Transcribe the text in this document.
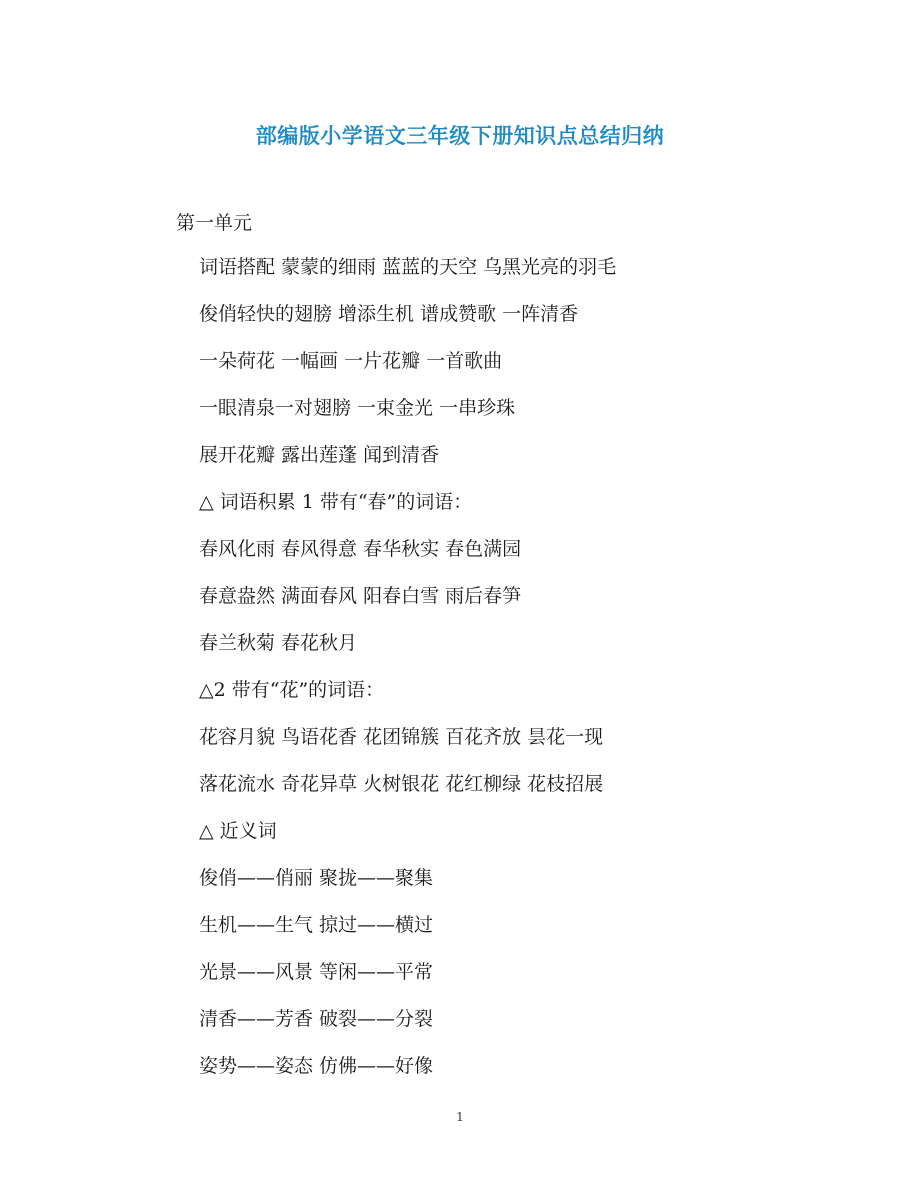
部编版小学语文三年级下册知识点总结归纳
第一单元
词语搭配 蒙蒙的细雨 蓝蓝的天空 乌黑光亮的羽毛
俊俏轻快的翅膀 增添生机 谱成赞歌 一阵清香
一朵荷花 一幅画 一片花瓣 一首歌曲
一眼清泉一对翅膀 一束金光 一串珍珠
展开花瓣 露出莲蓬 闻到清香
△ 词语积累 1 带有“春”的词语：
春风化雨 春风得意 春华秋实 春色满园
春意盎然 满面春风 阳春白雪 雨后春笋
春兰秋菊 春花秋月
△2 带有“花”的词语：
花容月貌 鸟语花香 花团锦簇 百花齐放 昙花一现
落花流水 奇花异草 火树银花 花红柳绿 花枝招展
△ 近义词
俊俏——俏丽 聚拢——聚集
生机——生气 掠过——横过
光景——风景 等闲——平常
清香——芳香 破裂——分裂
姿势——姿态 仿佛——好像
1
